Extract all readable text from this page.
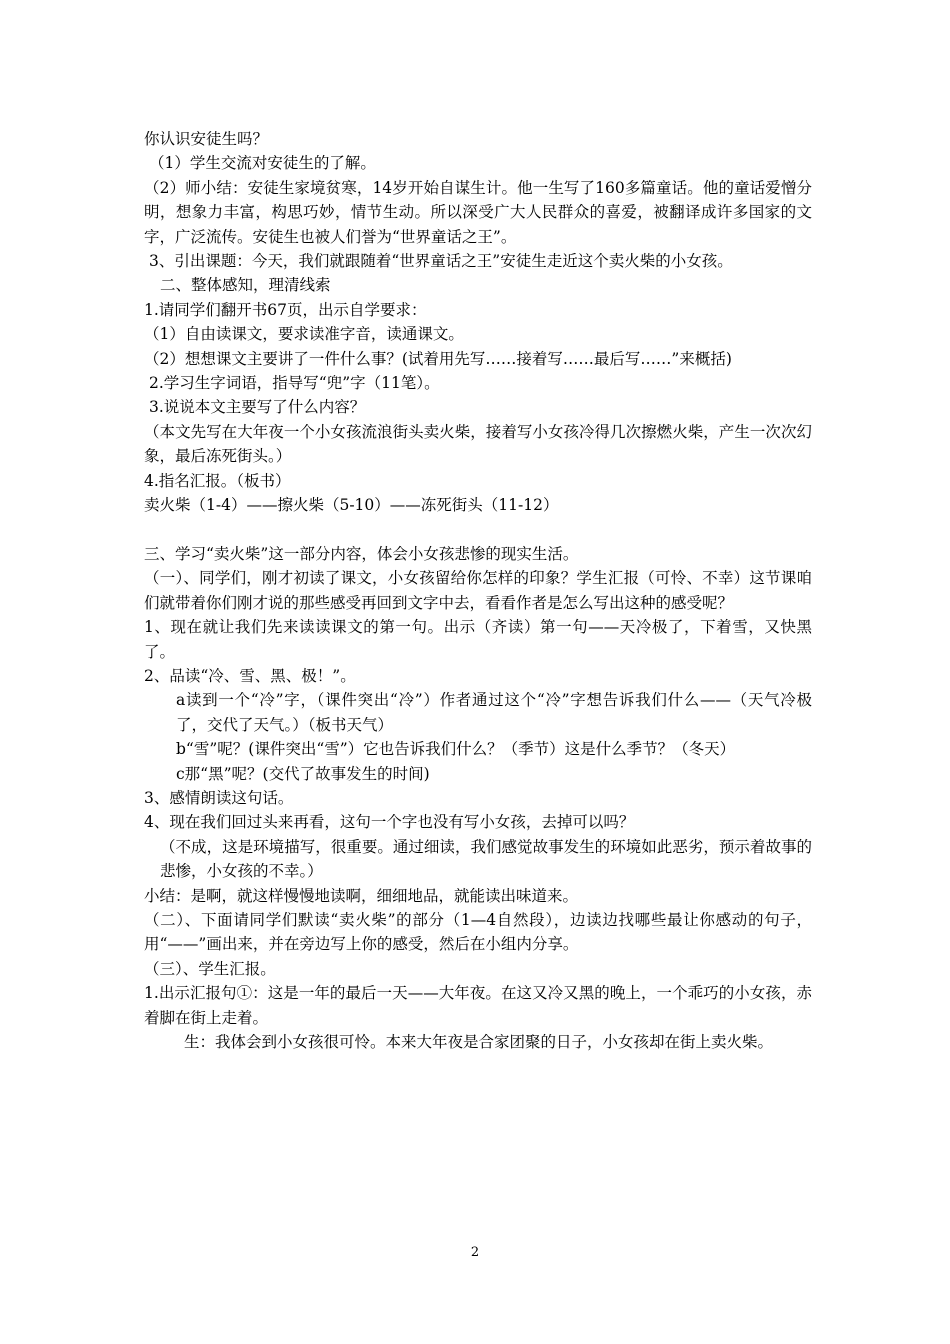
你认识安徒生吗？

（1）学生交流对安徒生的了解。

（2）师小结：安徒生家境贫寒，14岁开始自谋生计。他一生写了160多篇童话。他的童话爱憎分明，想象力丰富，构思巧妙，情节生动。所以深受广大人民群众的喜爱，被翻译成许多国家的文字，广泛流传。安徒生也被人们誉为“世界童话之王”。

3、引出课题：今天，我们就跟随着“世界童话之王”安徒生走近这个卖火柴的小女孩。

二、整体感知，理清线索

1.请同学们翻开书67页，出示自学要求：

（1）自由读课文，要求读准字音，读通课文。

（2）想想课文主要讲了一件什么事？(试着用先写……接着写……最后写……”来概括)

2.学习生字词语，指导写“兜”字（11笔）。

3.说说本文主要写了什么内容？

（本文先写在大年夜一个小女孩流浪街头卖火柴，接着写小女孩冷得几次擦燃火柴，产生一次次幻象，最后冻死街头。）

4.指名汇报。（板书）

卖火柴（1-4）——擦火柴（5-10）——冻死街头（11-12）

三、学习“卖火柴”这一部分内容，体会小女孩悲惨的现实生活。

（一）、同学们，刚才初读了课文，小女孩留给你怎样的印象？学生汇报（可怜、不幸）这节课咱们就带着你们刚才说的那些感受再回到文字中去，看看作者是怎么写出这种的感受呢？

1、现在就让我们先来读读课文的第一句。出示（齐读）第一句——天冷极了，下着雪，又快黑了。

2、品读“冷、雪、黑、极！”。

a读到一个“冷”字，（课件突出“冷”）作者通过这个“冷”字想告诉我们什么——（天气冷极了，交代了天气。）（板书天气）

b“雪”呢？(课件突出“雪”）它也告诉我们什么？（季节）这是什么季节？（冬天）

c那“黑”呢？(交代了故事发生的时间)

3、感情朗读这句话。

4、现在我们回过头来再看，这句一个字也没有写小女孩，去掉可以吗？

（不成，这是环境描写，很重要。通过细读，我们感觉故事发生的环境如此恶劣，预示着故事的悲惨，小女孩的不幸。）

小结：是啊，就这样慢慢地读啊，细细地品，就能读出味道来。

（二）、下面请同学们默读“卖火柴”的部分（1—4自然段），边读边找哪些最让你感动的句子，用“——”画出来，并在旁边写上你的感受，然后在小组内分享。

（三）、学生汇报。

1.出示汇报句①：这是一年的最后一天——大年夜。在这又冷又黑的晚上，一个乖巧的小女孩，赤着脚在街上走着。

生：我体会到小女孩很可怜。本来大年夜是合家团聚的日子，小女孩却在街上卖火柴。

2
